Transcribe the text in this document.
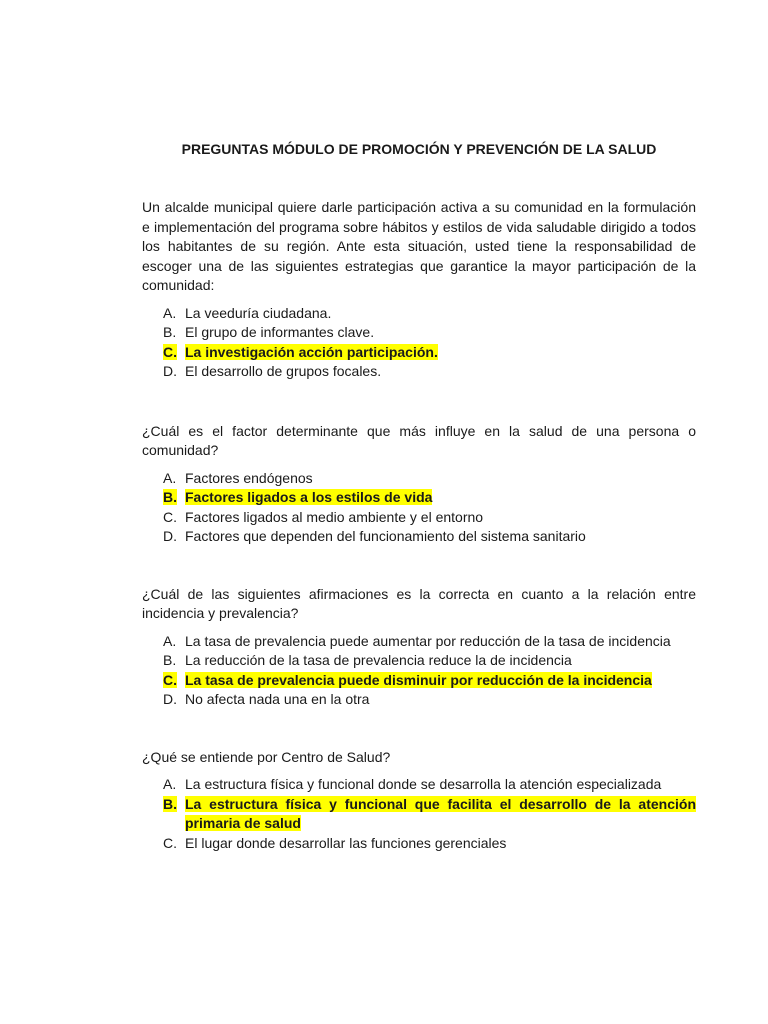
PREGUNTAS MÓDULO DE PROMOCIÓN Y PREVENCIÓN DE LA SALUD

Un alcalde municipal quiere darle participación activa a su comunidad en la formulación e implementación del programa sobre hábitos y estilos de vida saludable dirigido a todos los habitantes de su región. Ante esta situación, usted tiene la responsabilidad de escoger una de las siguientes estrategias que garantice la mayor participación de la comunidad:

A. La veeduría ciudadana.
B. El grupo de informantes clave.
C. La investigación acción participación.
D. El desarrollo de grupos focales.

¿Cuál es el factor determinante que más influye en la salud de una persona o comunidad?

A. Factores endógenos
B. Factores ligados a los estilos de vida
C. Factores ligados al medio ambiente y el entorno
D. Factores que dependen del funcionamiento del sistema sanitario

¿Cuál de las siguientes afirmaciones es la correcta en cuanto a la relación entre incidencia y prevalencia?

A. La tasa de prevalencia puede aumentar por reducción de la tasa de incidencia
B. La reducción de la tasa de prevalencia reduce la de incidencia
C. La tasa de prevalencia puede disminuir por reducción de la incidencia
D. No afecta nada una en la otra

¿Qué se entiende por Centro de Salud?

A. La estructura física y funcional donde se desarrolla la atención especializada
B. La estructura física y funcional que facilita el desarrollo de la atención primaria de salud
C. El lugar donde desarrollar las funciones gerenciales
